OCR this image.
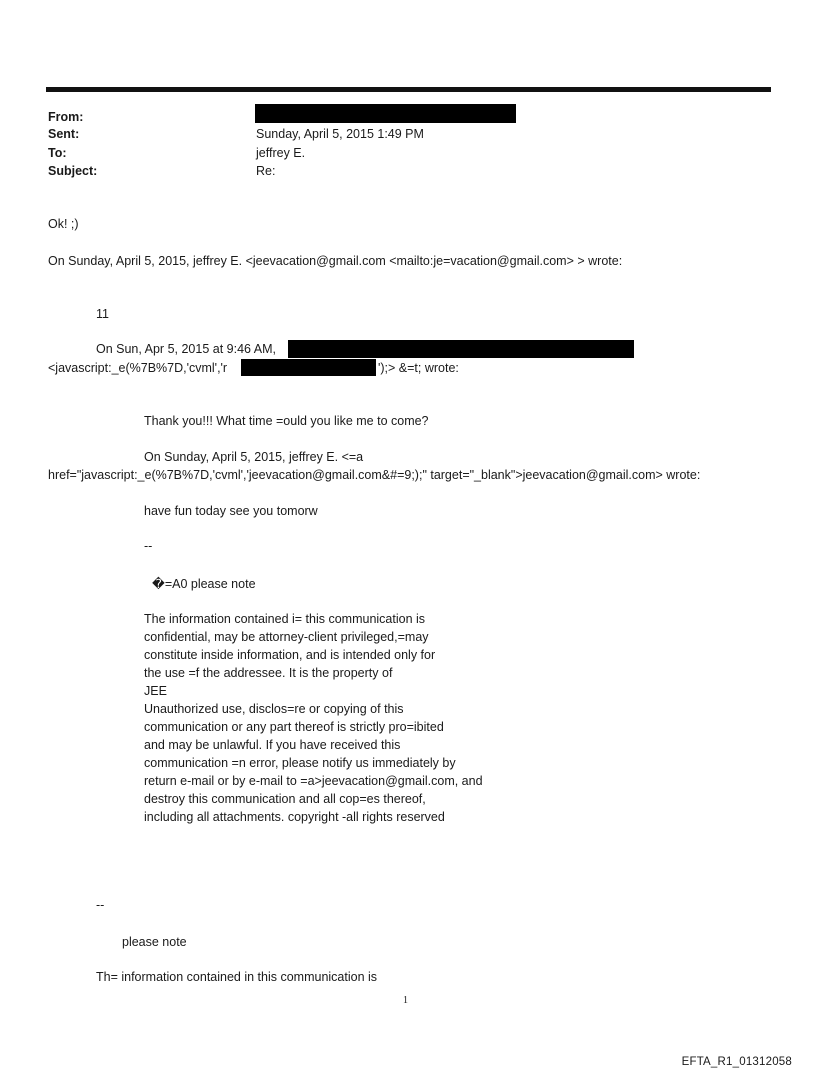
From:
Sent:	Sunday, April 5, 2015 1:49 PM
To:	jeffrey E.
Subject:	Re:
Ok! ;)
On Sunday, April 5, 2015, jeffrey E. <jeevacation@gmail.com <mailto:je=vacation@gmail.com> > wrote:
11
On Sun, Apr 5, 2015 at 9:46 AM,
<javascript:_e(%7B%7D,'cvml','r	');> &=t; wrote:
Thank you!!! What time =ould you like me to come?
On Sunday, April 5, 2015, jeffrey E. <=a
href="javascript:_e(%7B%7D,'cvml','jeevacation@gmail.com&#=9;);" target="_blank">jeevacation@gmail.com> wrote:
have fun today see you tomorw
--
�=A0 please note
The information contained i= this communication is
confidential, may be attorney-client privileged,=may
constitute inside information, and is intended only for
the use =f the addressee. It is the property of
JEE
Unauthorized use, disclos=re or copying of this
communication or any part thereof is strictly pro=ibited
and may be unlawful. If you have received this
communication =n error, please notify us immediately by
return e-mail or by e-mail to =a>jeevacation@gmail.com, and
destroy this communication and all cop=es thereof,
including all attachments. copyright -all rights reserved
--
please note
Th= information contained in this communication is
1
EFTA_R1_01312058
